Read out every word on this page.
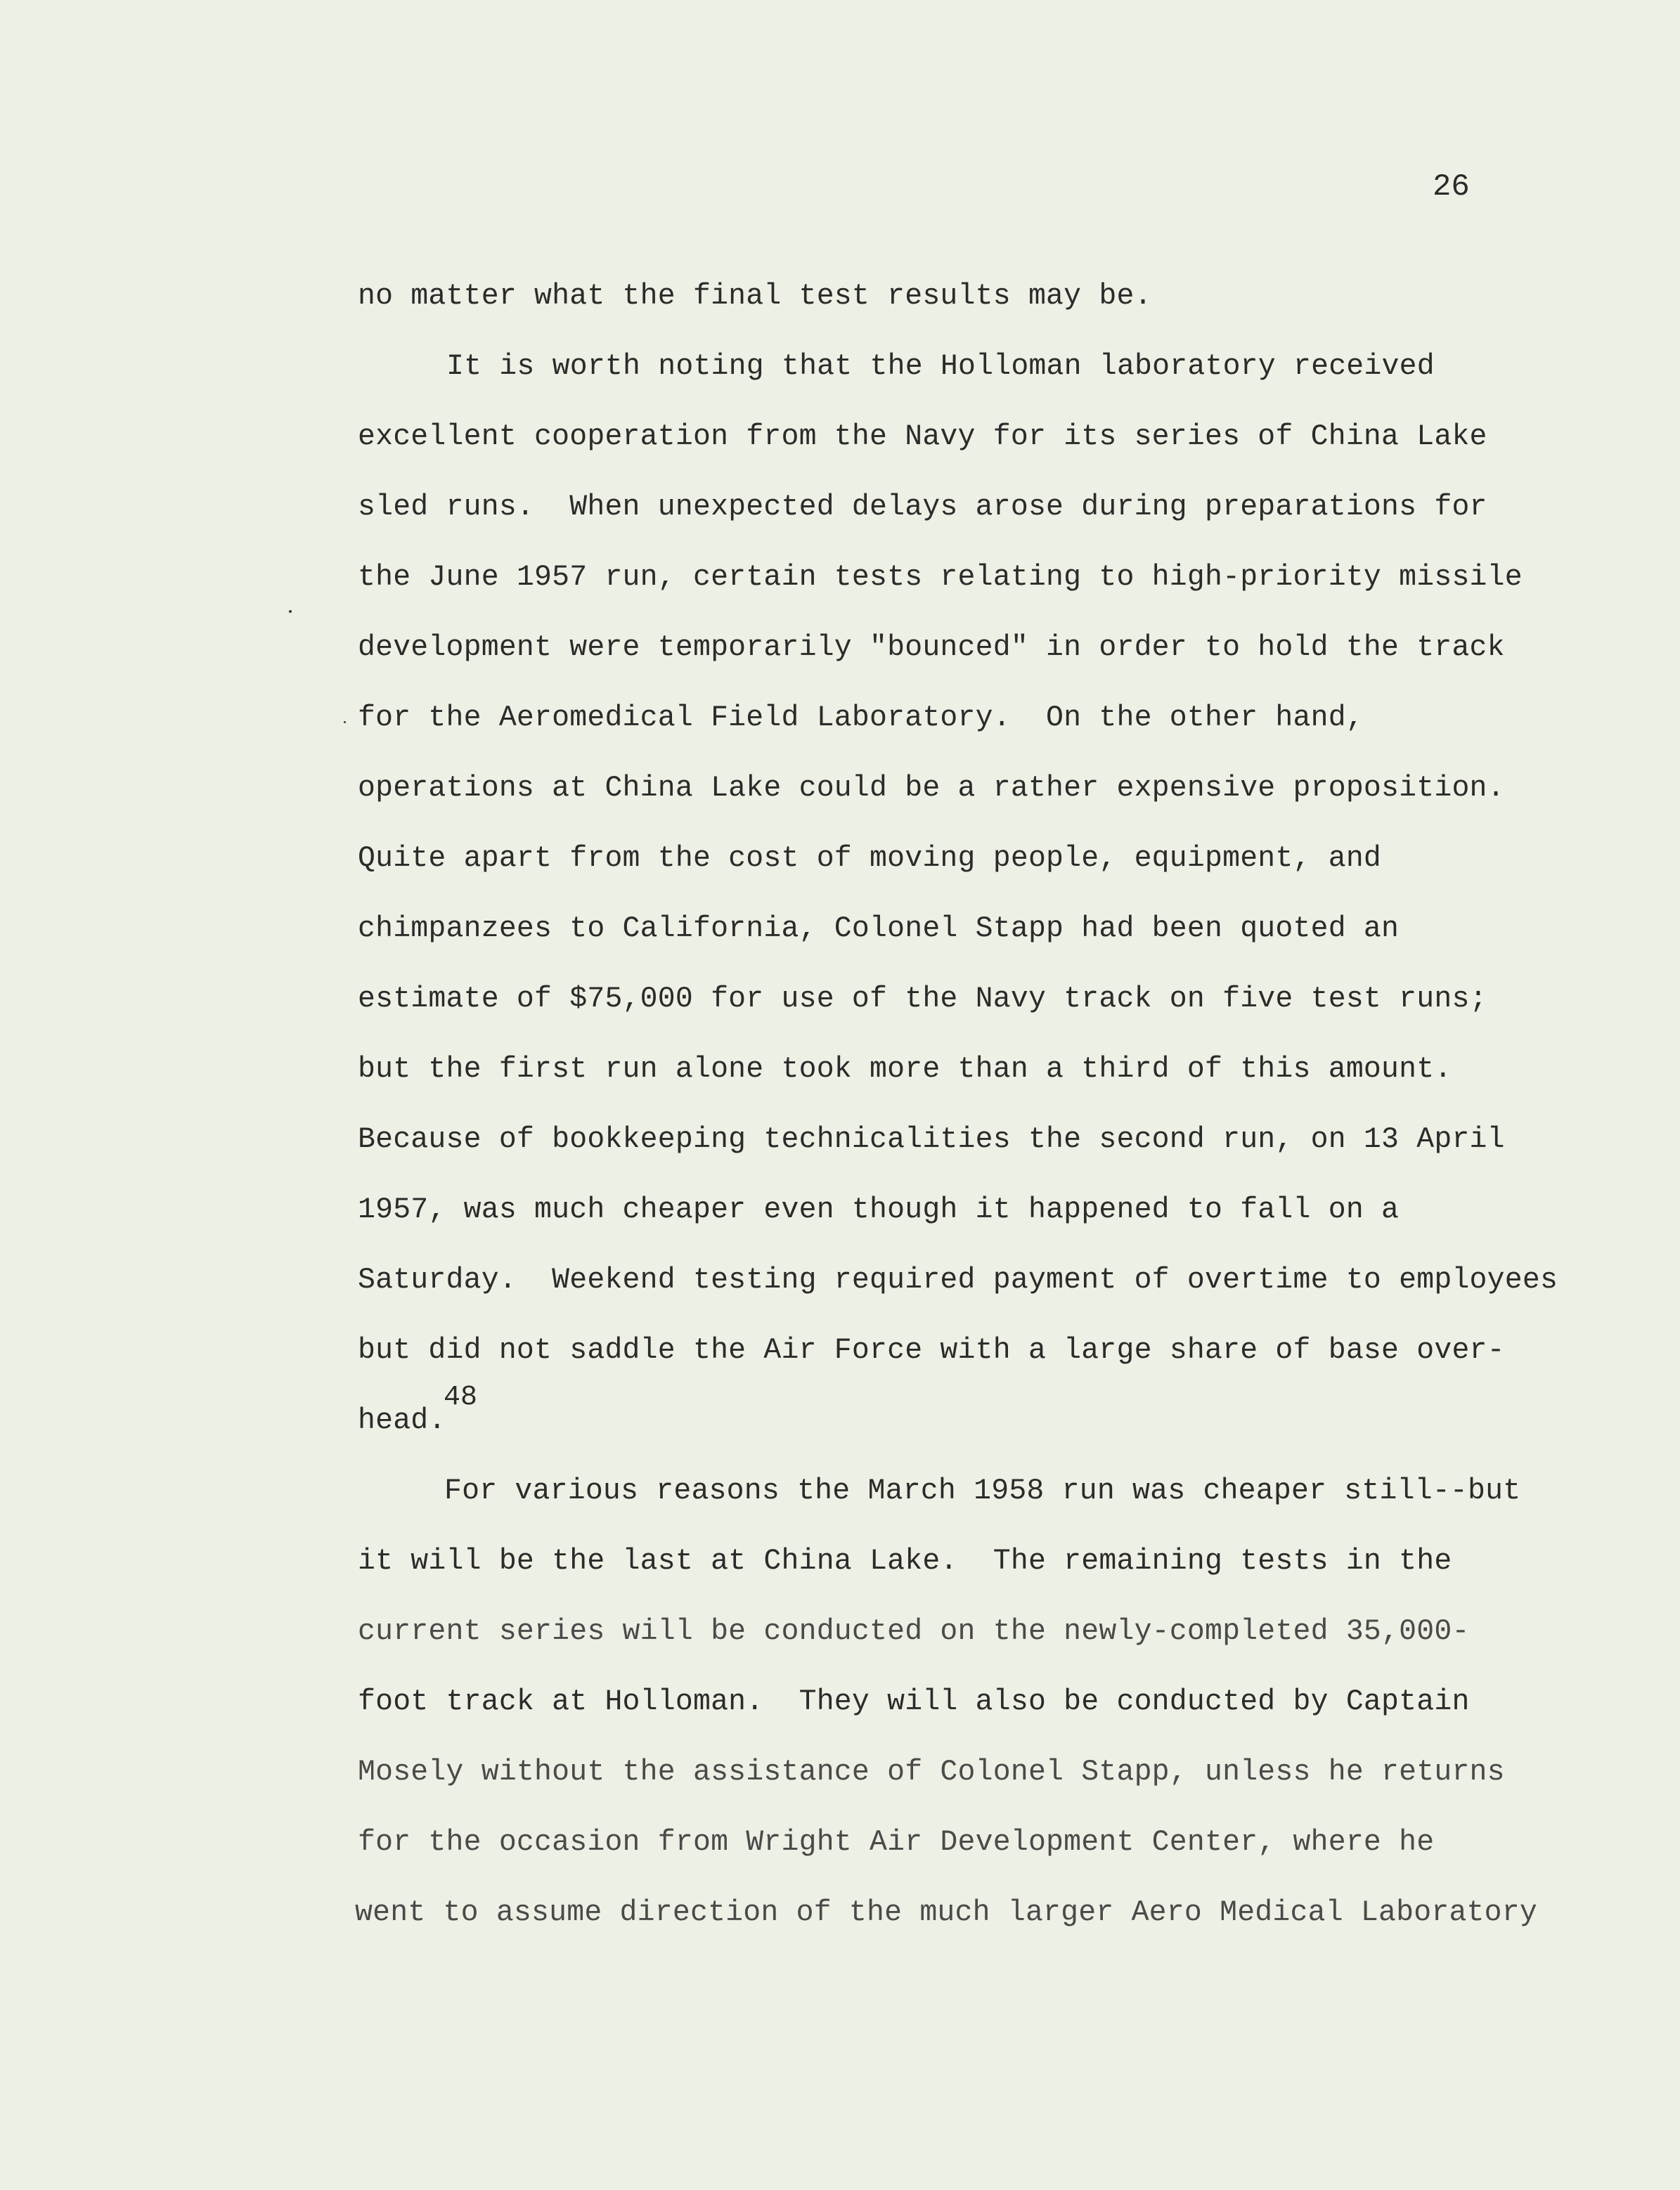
26
no matter what the final test results may be.
It is worth noting that the Holloman laboratory received
excellent cooperation from the Navy for its series of China Lake
sled runs.  When unexpected delays arose during preparations for
the June 1957 run, certain tests relating to high-priority missile
development were temporarily "bounced" in order to hold the track
for the Aeromedical Field Laboratory.  On the other hand,
operations at China Lake could be a rather expensive proposition.
Quite apart from the cost of moving people, equipment, and
chimpanzees to California, Colonel Stapp had been quoted an
estimate of $75,000 for use of the Navy track on five test runs;
but the first run alone took more than a third of this amount.
Because of bookkeeping technicalities the second run, on 13 April
1957, was much cheaper even though it happened to fall on a
Saturday.  Weekend testing required payment of overtime to employees
but did not saddle the Air Force with a large share of base over-
head.
48
For various reasons the March 1958 run was cheaper still--but
it will be the last at China Lake.  The remaining tests in the
current series will be conducted on the newly-completed 35,000-
foot track at Holloman.  They will also be conducted by Captain
Mosely without the assistance of Colonel Stapp, unless he returns
for the occasion from Wright Air Development Center, where he
went to assume direction of the much larger Aero Medical Laboratory
